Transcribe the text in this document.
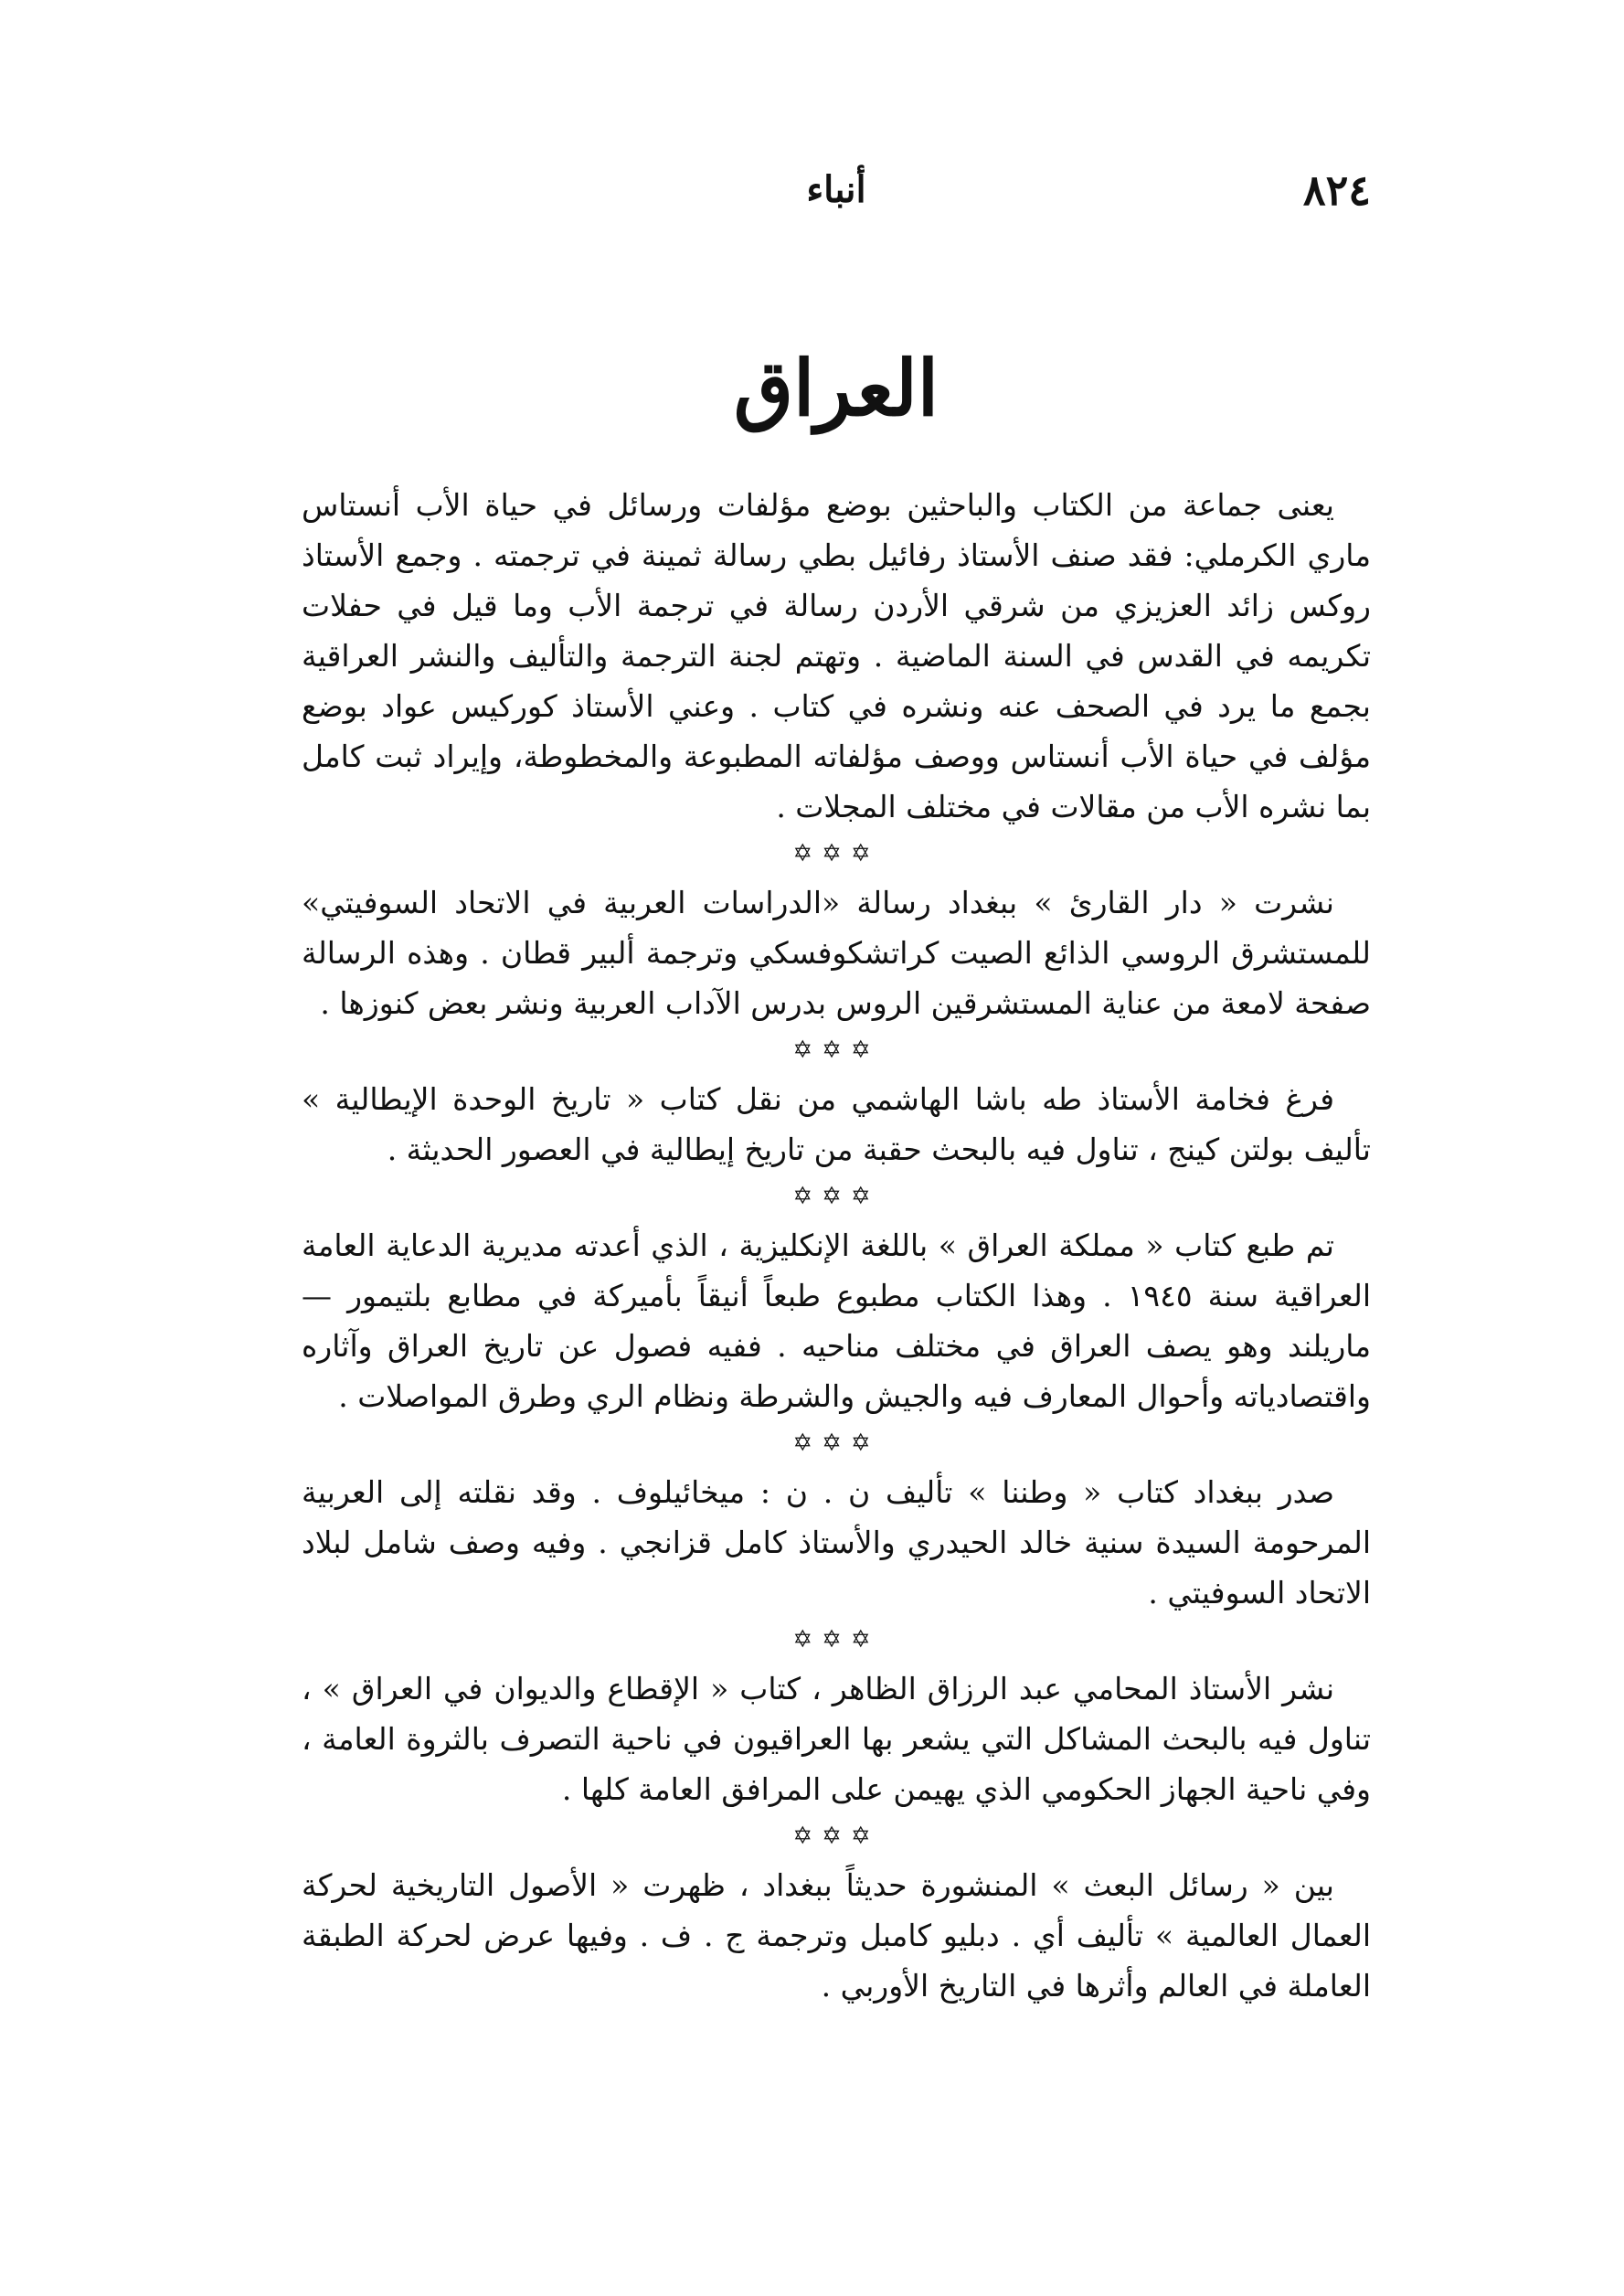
٨٢٤
أنباء
العراق

يعنى جماعة من الكتاب والباحثين بوضع مؤلفات ورسائل في حياة الأب أنستاس ماري الكرملي: فقد صنف الأستاذ رفائيل بطي رسالة ثمينة في ترجمته . وجمع الأستاذ روكس زائد العزيزي من شرقي الأردن رسالة في ترجمة الأب وما قيل في حفلات تكريمه في القدس في السنة الماضية . وتهتم لجنة الترجمة والتأليف والنشر العراقية بجمع ما يرد في الصحف عنه ونشره في كتاب . وعني الأستاذ كوركيس عواد بوضع مؤلف في حياة الأب أنستاس ووصف مؤلفاته المطبوعة والمخطوطة، وإيراد ثبت كامل بما نشره الأب من مقالات في مختلف المجلات .

✡✡✡

نشرت « دار القارئ » ببغداد رسالة «الدراسات العربية في الاتحاد السوفيتي» للمستشرق الروسي الذائع الصيت كراتشكوفسكي وترجمة ألبير قطان . وهذه الرسالة صفحة لامعة من عناية المستشرقين الروس بدرس الآداب العربية ونشر بعض كنوزها .

✡✡✡

فرغ فخامة الأستاذ طه باشا الهاشمي من نقل كتاب « تاريخ الوحدة الإيطالية » تأليف بولتن كينج ، تناول فيه بالبحث حقبة من تاريخ إيطالية في العصور الحديثة .

✡✡✡

تم طبع كتاب « مملكة العراق » باللغة الإنكليزية ، الذي أعدته مديرية الدعاية العامة العراقية سنة ١٩٤٥ . وهذا الكتاب مطبوع طبعاً أنيقاً بأميركة في مطابع بلتيمور — ماريلند وهو يصف العراق في مختلف مناحيه . ففيه فصول عن تاريخ العراق وآثاره واقتصادياته وأحوال المعارف فيه والجيش والشرطة ونظام الري وطرق المواصلات .

✡✡✡

صدر ببغداد كتاب « وطننا » تأليف ن . ن : ميخائيلوف . وقد نقلته إلى العربية المرحومة السيدة سنية خالد الحيدري والأستاذ كامل قزانجي . وفيه وصف شامل لبلاد الاتحاد السوفيتي .

✡✡✡

نشر الأستاذ المحامي عبد الرزاق الظاهر ، كتاب « الإقطاع والديوان في العراق » ، تناول فيه بالبحث المشاكل التي يشعر بها العراقيون في ناحية التصرف بالثروة العامة ، وفي ناحية الجهاز الحكومي الذي يهيمن على المرافق العامة كلها .

✡✡✡

بين « رسائل البعث » المنشورة حديثاً ببغداد ، ظهرت « الأصول التاريخية لحركة العمال العالمية » تأليف أي . دبليو كامبل وترجمة ج . ف . وفيها عرض لحركة الطبقة العاملة في العالم وأثرها في التاريخ الأوربي .
